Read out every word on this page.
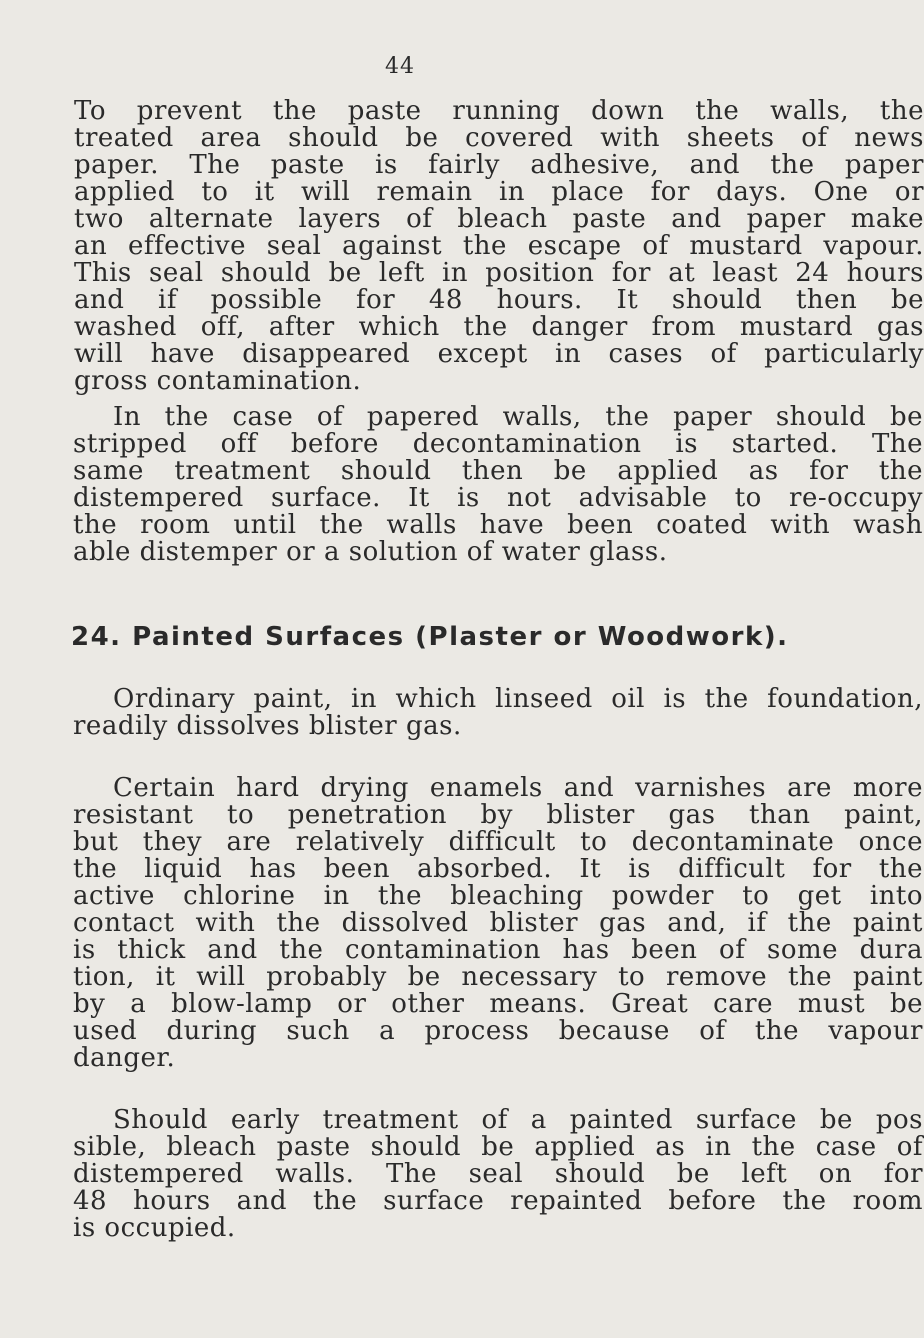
44
To prevent the paste running down the walls, the
treated area should be covered with sheets of news
paper. The paste is fairly adhesive, and the paper
applied to it will remain in place for days. One or
two alternate layers of bleach paste and paper make
an effective seal against the escape of mustard vapour.
This seal should be left in position for at least 24 hours
and if possible for 48 hours. It should then be
washed off, after which the danger from mustard gas
will have disappeared except in cases of particularly
gross contamination.
In the case of papered walls, the paper should be
stripped off before decontamination is started. The
same treatment should then be applied as for the
distempered surface. It is not advisable to re-occupy
the room until the walls have been coated with wash
able distemper or a solution of water glass.
24. Painted Surfaces (Plaster or Woodwork).
Ordinary paint, in which linseed oil is the foundation,
readily dissolves blister gas.
Certain hard drying enamels and varnishes are more
resistant to penetration by blister gas than paint,
but they are relatively difficult to decontaminate once
the liquid has been absorbed. It is difficult for the
active chlorine in the bleaching powder to get into
contact with the dissolved blister gas and, if the paint
is thick and the contamination has been of some dura
tion, it will probably be necessary to remove the paint
by a blow-lamp or other means. Great care must be
used during such a process because of the vapour
danger.
Should early treatment of a painted surface be pos
sible, bleach paste should be applied as in the case of
distempered walls. The seal should be left on for
48 hours and the surface repainted before the room
is occupied.
